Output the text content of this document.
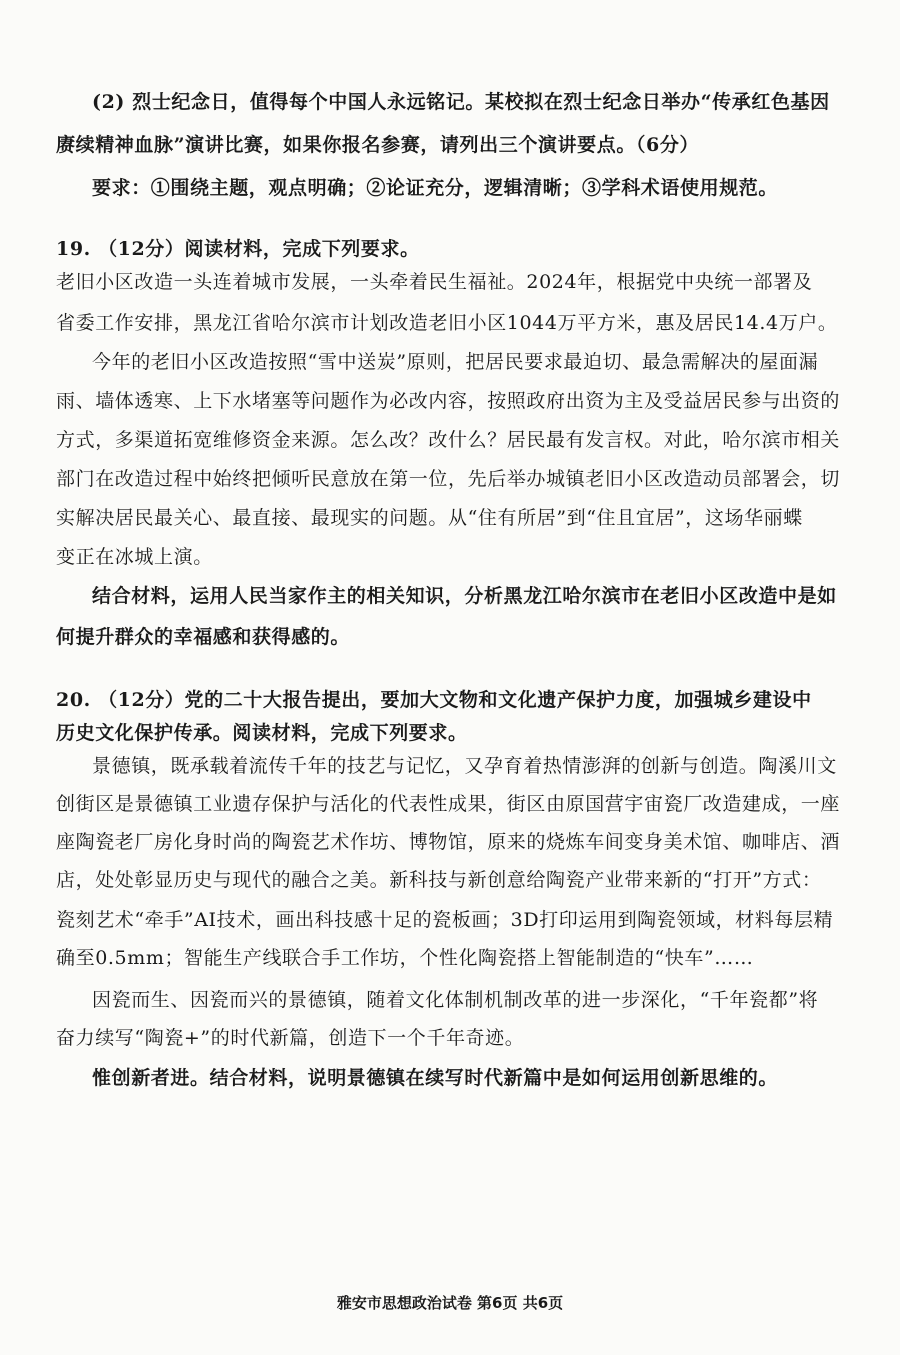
(2) 烈士纪念日，值得每个中国人永远铭记。某校拟在烈士纪念日举办“传承红色基因
赓续精神血脉”演讲比赛，如果你报名参赛，请列出三个演讲要点。（6分）
要求：①围绕主题，观点明确；②论证充分，逻辑清晰；③学科术语使用规范。
19. （12分）阅读材料，完成下列要求。
老旧小区改造一头连着城市发展，一头牵着民生福祉。2024年，根据党中央统一部署及
省委工作安排，黑龙江省哈尔滨市计划改造老旧小区1044万平方米，惠及居民14.4万户。
今年的老旧小区改造按照“雪中送炭”原则，把居民要求最迫切、最急需解决的屋面漏
雨、墙体透寒、上下水堵塞等问题作为必改内容，按照政府出资为主及受益居民参与出资的
方式，多渠道拓宽维修资金来源。怎么改？改什么？居民最有发言权。对此，哈尔滨市相关
部门在改造过程中始终把倾听民意放在第一位，先后举办城镇老旧小区改造动员部署会，切
实解决居民最关心、最直接、最现实的问题。从“住有所居”到“住且宜居”，这场华丽蝶
变正在冰城上演。
结合材料，运用人民当家作主的相关知识，分析黑龙江哈尔滨市在老旧小区改造中是如
何提升群众的幸福感和获得感的。
20. （12分）党的二十大报告提出，要加大文物和文化遗产保护力度，加强城乡建设中
历史文化保护传承。阅读材料，完成下列要求。
景德镇，既承载着流传千年的技艺与记忆，又孕育着热情澎湃的创新与创造。陶溪川文
创街区是景德镇工业遗存保护与活化的代表性成果，街区由原国营宇宙瓷厂改造建成，一座
座陶瓷老厂房化身时尚的陶瓷艺术作坊、博物馆，原来的烧炼车间变身美术馆、咖啡店、酒
店，处处彰显历史与现代的融合之美。新科技与新创意给陶瓷产业带来新的“打开”方式：
瓷刻艺术“牵手”AI技术，画出科技感十足的瓷板画；3D打印运用到陶瓷领域，材料每层精
确至0.5mm；智能生产线联合手工作坊，个性化陶瓷搭上智能制造的“快车”……
因瓷而生、因瓷而兴的景德镇，随着文化体制机制改革的进一步深化，“千年瓷都”将
奋力续写“陶瓷+”的时代新篇，创造下一个千年奇迹。
惟创新者进。结合材料，说明景德镇在续写时代新篇中是如何运用创新思维的。
雅安市思想政治试卷 第6页 共6页
